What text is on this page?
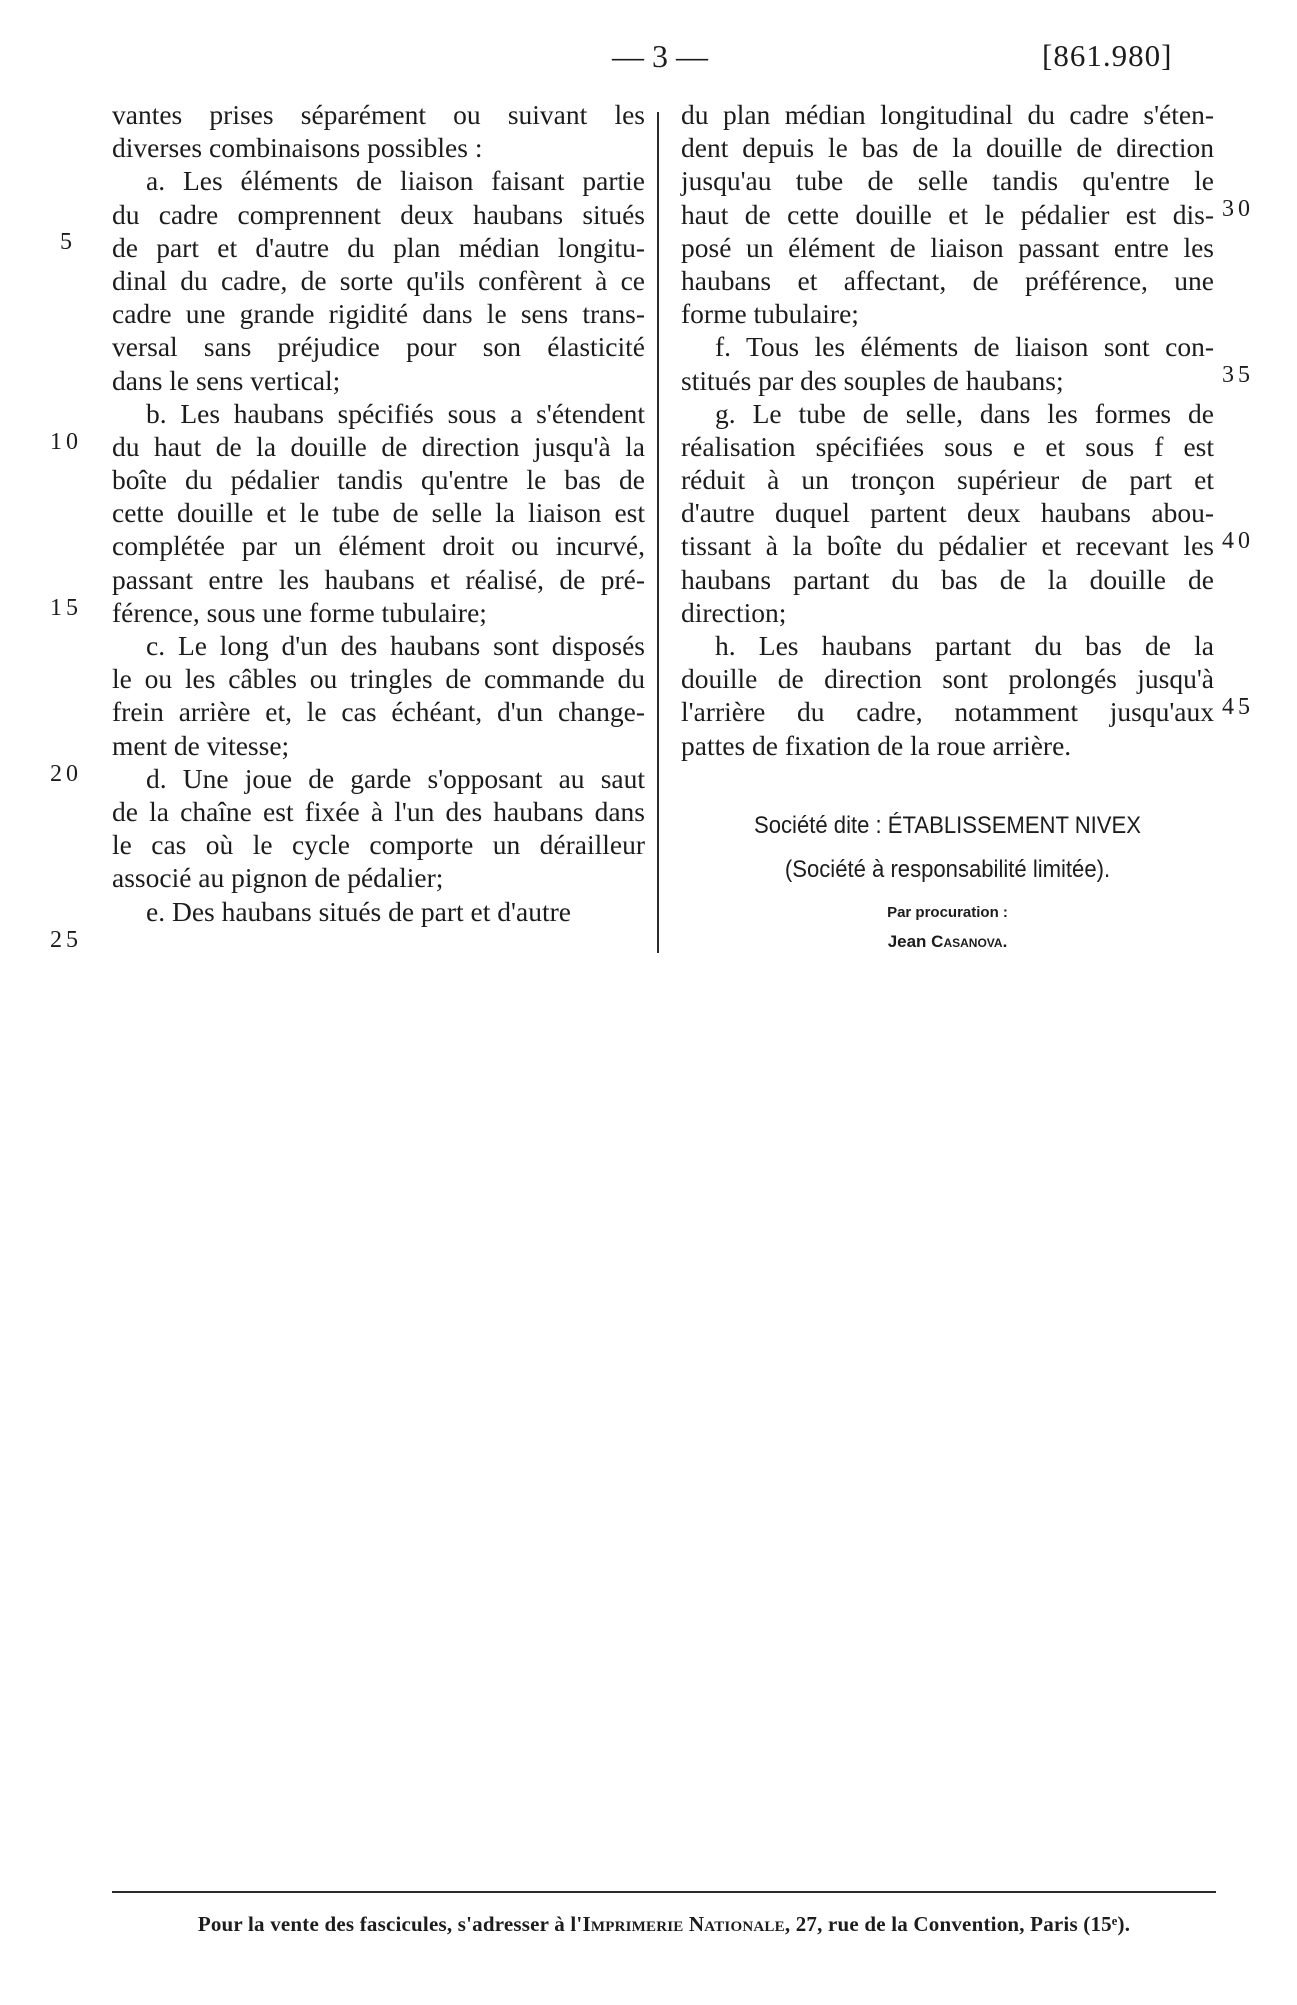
— 3 —	[861.980]
vantes prises séparément ou suivant les
diverses combinaisons possibles :
a. Les éléments de liaison faisant partie
du cadre comprennent deux haubans situés
de part et d'autre du plan médian longitu-
dinal du cadre, de sorte qu'ils confèrent à ce
cadre une grande rigidité dans le sens trans-
versal sans préjudice pour son élasticité
dans le sens vertical;
b. Les haubans spécifiés sous a s'étendent
du haut de la douille de direction jusqu'à la
boîte du pédalier tandis qu'entre le bas de
cette douille et le tube de selle la liaison est
complétée par un élément droit ou incurvé,
passant entre les haubans et réalisé, de pré-
férence, sous une forme tubulaire;
c. Le long d'un des haubans sont disposés
le ou les câbles ou tringles de commande du
frein arrière et, le cas échéant, d'un change-
ment de vitesse;
d. Une joue de garde s'opposant au saut
de la chaîne est fixée à l'un des haubans dans
le cas où le cycle comporte un dérailleur
associé au pignon de pédalier;
e. Des haubans situés de part et d'autre
du plan médian longitudinal du cadre s'éten-
dent depuis le bas de la douille de direction
jusqu'au tube de selle tandis qu'entre le
haut de cette douille et le pédalier est dis-
posé un élément de liaison passant entre les
haubans et affectant, de préférence, une
forme tubulaire;
f. Tous les éléments de liaison sont con-
stitués par des souples de haubans;
g. Le tube de selle, dans les formes de
réalisation spécifiées sous e et sous f est
réduit à un tronçon supérieur de part et
d'autre duquel partent deux haubans abou-
tissant à la boîte du pédalier et recevant les
haubans partant du bas de la douille de
direction;
h. Les haubans partant du bas de la
douille de direction sont prolongés jusqu'à
l'arrière du cadre, notamment jusqu'aux
pattes de fixation de la roue arrière.
5
10
15
20
25
30
35
40
45
Société dite : ÉTABLISSEMENT NIVEX
(Société à responsabilité limitée).
Par procuration :
Jean Casanova.
Pour la vente des fascicules, s'adresser à l'Imprimerie Nationale, 27, rue de la Convention, Paris (15ᵉ).
